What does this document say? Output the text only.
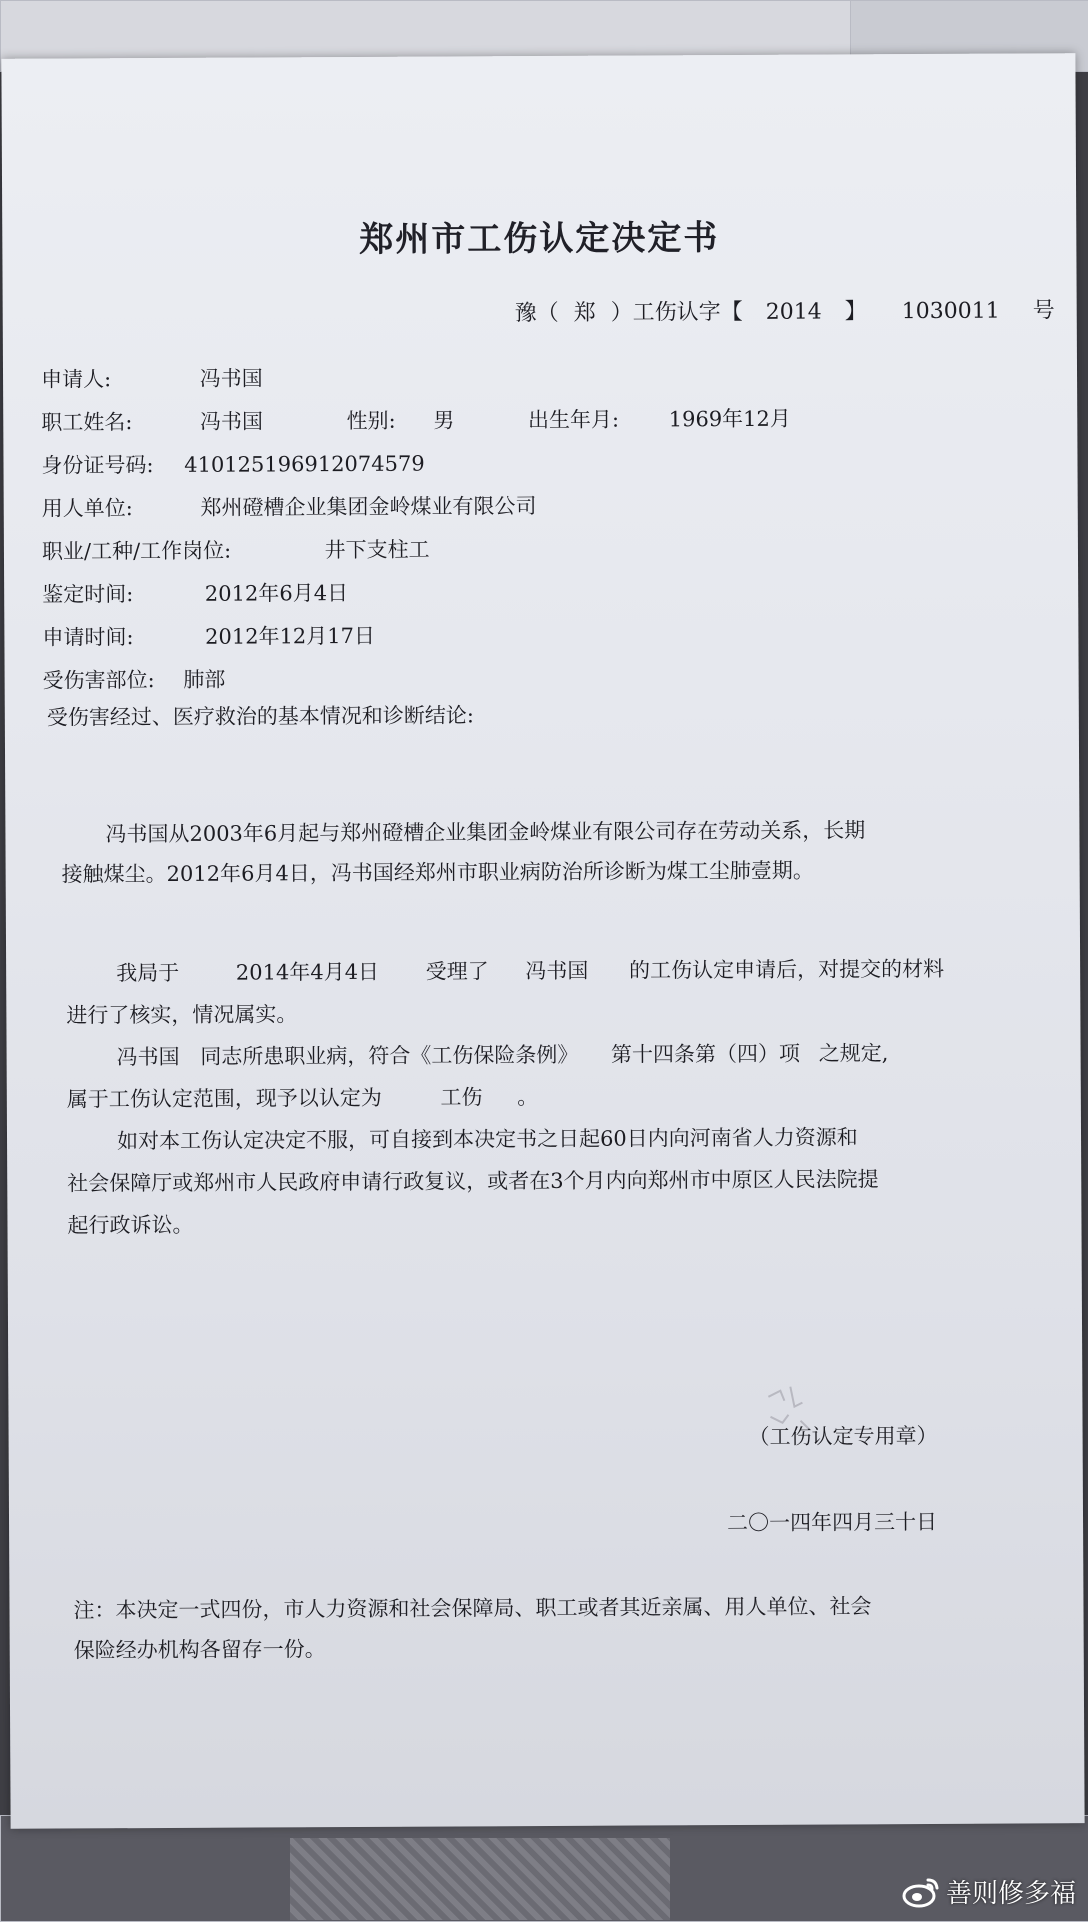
郑州市工伤认定决定书
豫（ 郑 ）工伤认字【 2014 】 1030011 号
申请人:	冯书国
职工姓名:	冯书国	性别: 男	出生年月: 1969年12月
身份证号码: 410125196912074579
用人单位:	郑州磴槽企业集团金岭煤业有限公司
职业/工种/工作岗位:	井下支柱工
鉴定时间:	2012年6月4日
申请时间:	2012年12月17日
受伤害部位: 肺部
受伤害经过、医疗救治的基本情况和诊断结论:
冯书国从2003年6月起与郑州磴槽企业集团金岭煤业有限公司存在劳动关系，长期
接触煤尘。2012年6月4日，冯书国经郑州市职业病防治所诊断为煤工尘肺壹期。
我局于	2014年4月4日 受理了 冯书国 的工伤认定申请后，对提交的材料
进行了核实，情况属实。
冯书国 同志所患职业病，符合《工伤保险条例》 第十四条第（四）项 之规定,
属于工伤认定范围，现予以认定为	工伤 。
如对本工伤认定决定不服，可自接到本决定书之日起60日内向河南省人力资源和
社会保障厅或郑州市人民政府申请行政复议，或者在3个月内向郑州市中原区人民法院提
起行政诉讼。
（工伤认定专用章）
二〇一四年四月三十日
注：本决定一式四份，市人力资源和社会保障局、职工或者其近亲属、用人单位、社会
保险经办机构各留存一份。
善则修多福
